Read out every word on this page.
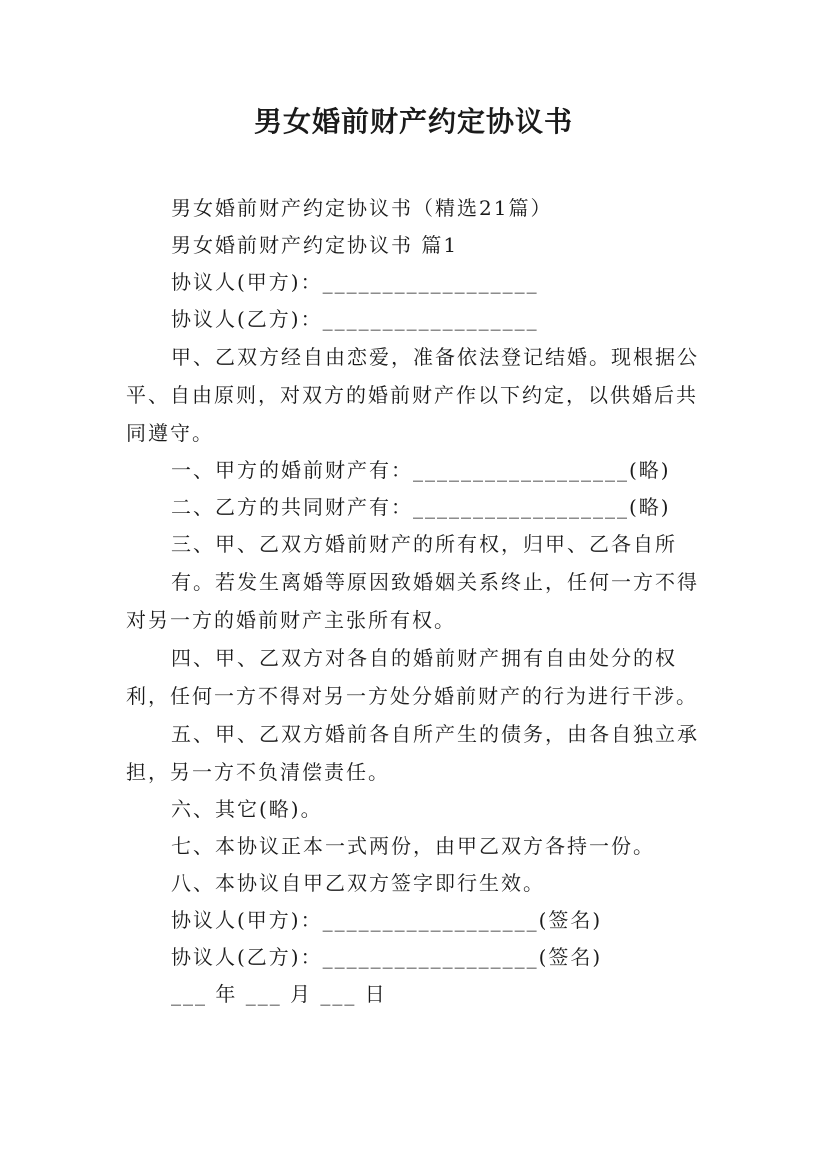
男女婚前财产约定协议书
男女婚前财产约定协议书（精选21篇）
男女婚前财产约定协议书 篇1
协议人(甲方)：__________________
协议人(乙方)：__________________
甲、乙双方经自由恋爱，准备依法登记结婚。现根据公平、自由原则，对双方的婚前财产作以下约定，以供婚后共同遵守。
一、甲方的婚前财产有：__________________(略)
二、乙方的共同财产有：__________________(略)
三、甲、乙双方婚前财产的所有权，归甲、乙各自所
有。若发生离婚等原因致婚姻关系终止，任何一方不得对另一方的婚前财产主张所有权。
四、甲、乙双方对各自的婚前财产拥有自由处分的权利，任何一方不得对另一方处分婚前财产的行为进行干涉。
五、甲、乙双方婚前各自所产生的债务，由各自独立承担，另一方不负清偿责任。
六、其它(略)。
七、本协议正本一式两份，由甲乙双方各持一份。
八、本协议自甲乙双方签字即行生效。
协议人(甲方)：__________________(签名)
协议人(乙方)：__________________(签名)
___ 年 ___ 月 ___ 日
